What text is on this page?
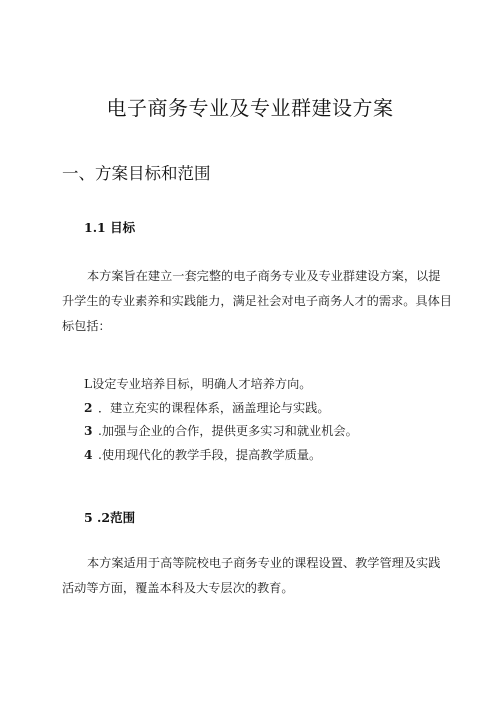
电子商务专业及专业群建设方案
一、方案目标和范围
1.1 目标
本方案旨在建立一套完整的电子商务专业及专业群建设方案，以提升学生的专业素养和实践能力，满足社会对电子商务人才的需求。具体目标包括：
L设定专业培养目标，明确人才培养方向。
2 ．建立充实的课程体系，涵盖理论与实践。
3 .加强与企业的合作，提供更多实习和就业机会。
4 .使用现代化的教学手段，提高教学质量。
5 .2范围
本方案适用于高等院校电子商务专业的课程设置、教学管理及实践活动等方面，覆盖本科及大专层次的教育。
